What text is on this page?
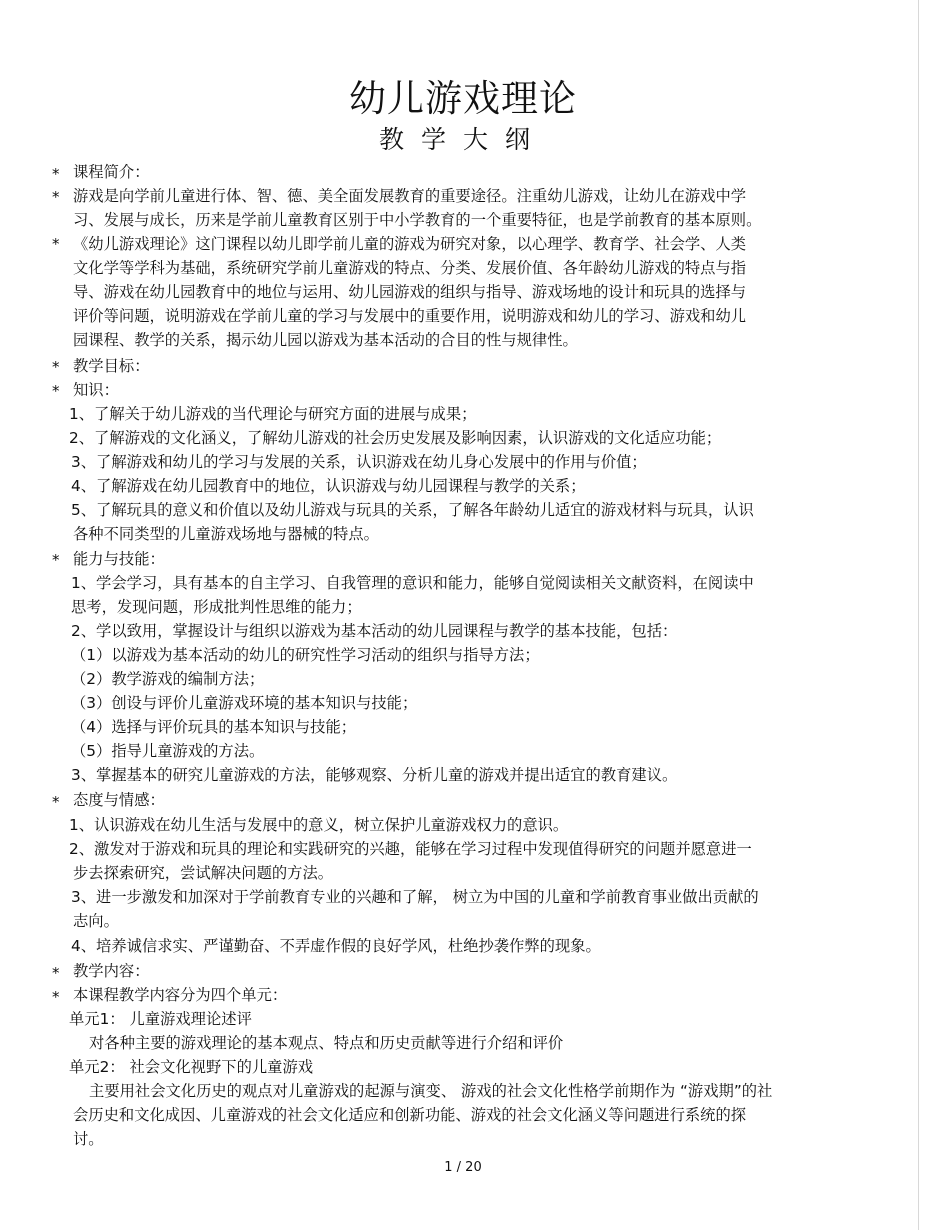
幼儿游戏理论
教学大纲
*
*
*
*
*
*
*
*
*
课程简介：
游戏是向学前儿童进行体、智、德、美全面发展教育的重要途径。注重幼儿游戏，让幼儿在游戏中学
习、发展与成长，历来是学前儿童教育区别于中小学教育的一个重要特征，也是学前教育的基本原则。
《幼儿游戏理论》这门课程以幼儿即学前儿童的游戏为研究对象，以心理学、教育学、社会学、人类
文化学等学科为基础，系统研究学前儿童游戏的特点、分类、发展价值、各年龄幼儿游戏的特点与指
导、游戏在幼儿园教育中的地位与运用、幼儿园游戏的组织与指导、游戏场地的设计和玩具的选择与
评价等问题，说明游戏在学前儿童的学习与发展中的重要作用，说明游戏和幼儿的学习、游戏和幼儿
园课程、教学的关系，揭示幼儿园以游戏为基本活动的合目的性与规律性。
教学目标：
知识：
1、了解关于幼儿游戏的当代理论与研究方面的进展与成果；
2、了解游戏的文化涵义，了解幼儿游戏的社会历史发展及影响因素，认识游戏的文化适应功能；
3、了解游戏和幼儿的学习与发展的关系，认识游戏在幼儿身心发展中的作用与价值；
4、了解游戏在幼儿园教育中的地位，认识游戏与幼儿园课程与教学的关系；
5、了解玩具的意义和价值以及幼儿游戏与玩具的关系，了解各年龄幼儿适宜的游戏材料与玩具，认识
各种不同类型的儿童游戏场地与器械的特点。
能力与技能：
1、学会学习，具有基本的自主学习、自我管理的意识和能力，能够自觉阅读相关文献资料，在阅读中
思考，发现问题，形成批判性思维的能力；
2、学以致用，掌握设计与组织以游戏为基本活动的幼儿园课程与教学的基本技能，包括：
（1）以游戏为基本活动的幼儿的研究性学习活动的组织与指导方法；
（2）教学游戏的编制方法；
（3）创设与评价儿童游戏环境的基本知识与技能；
（4）选择与评价玩具的基本知识与技能；
（5）指导儿童游戏的方法。
3、掌握基本的研究儿童游戏的方法，能够观察、分析儿童的游戏并提出适宜的教育建议。
态度与情感：
1、认识游戏在幼儿生活与发展中的意义，树立保护儿童游戏权力的意识。
2、激发对于游戏和玩具的理论和实践研究的兴趣，能够在学习过程中发现值得研究的问题并愿意进一
步去探索研究，尝试解决问题的方法。
3、进一步激发和加深对于学前教育专业的兴趣和了解， 树立为中国的儿童和学前教育事业做出贡献的
志向。
4、培养诚信求实、严谨勤奋、不弄虚作假的良好学风，杜绝抄袭作弊的现象。
教学内容：
本课程教学内容分为四个单元：
单元1： 儿童游戏理论述评
对各种主要的游戏理论的基本观点、特点和历史贡献等进行介绍和评价
单元2： 社会文化视野下的儿童游戏
主要用社会文化历史的观点对儿童游戏的起源与演变、 游戏的社会文化性格学前期作为 “游戏期”的社
会历史和文化成因、儿童游戏的社会文化适应和创新功能、游戏的社会文化涵义等问题进行系统的探
讨。
1 / 20
